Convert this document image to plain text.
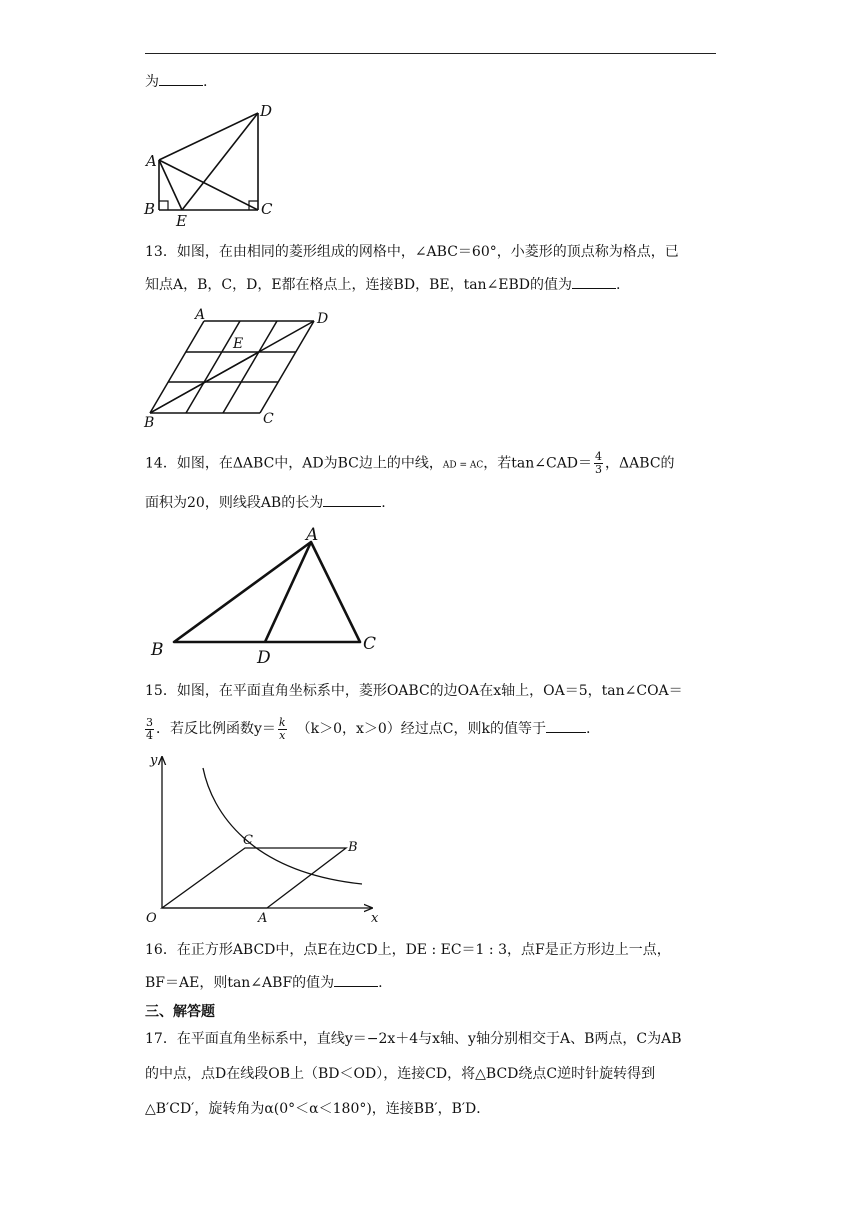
为	.
A
B	C
D
E
13．如图，在由相同的菱形组成的网格中，∠ABC＝60°，小菱形的顶点称为格点，已
知点A，B，C，D，E都在格点上，连接BD，BE，tan∠EBD的值为	.
A
B	C
D
E
14．如图，在ΔABC中，AD为BC边上的中线，AD = AC，若tan∠CAD＝ $\frac{4}{3}$ ，ΔABC的
面积为20，则线段AB的长为	.
A
B	C
D
15．如图，在平面直角坐标系中，菱形OABC的边OA在x轴上，OA＝5，tan∠COA＝
$\frac{3}{4}$ ．若反比例函数$y= \frac{k}{x} (k>0$，x＞0）经过点C，则k的值等于	.
y
x
O	A
B
C
16．在正方形ABCD中，点E在边CD上，DE : EC＝1 : 3，点F是正方形边上一点，
BF＝AE，则tan∠ABF的值为	.
三、解答题
17．在平面直角坐标系中，直线y＝−2x＋4与x轴、y轴分别相交于A、B两点，C为AB
的中点，点D在线段OB上（BD＜OD），连接CD，将△BCD绕点C逆时针旋转得到
△B′CD′，旋转角为α(0°＜α＜180°)，连接BB′，B′D．
